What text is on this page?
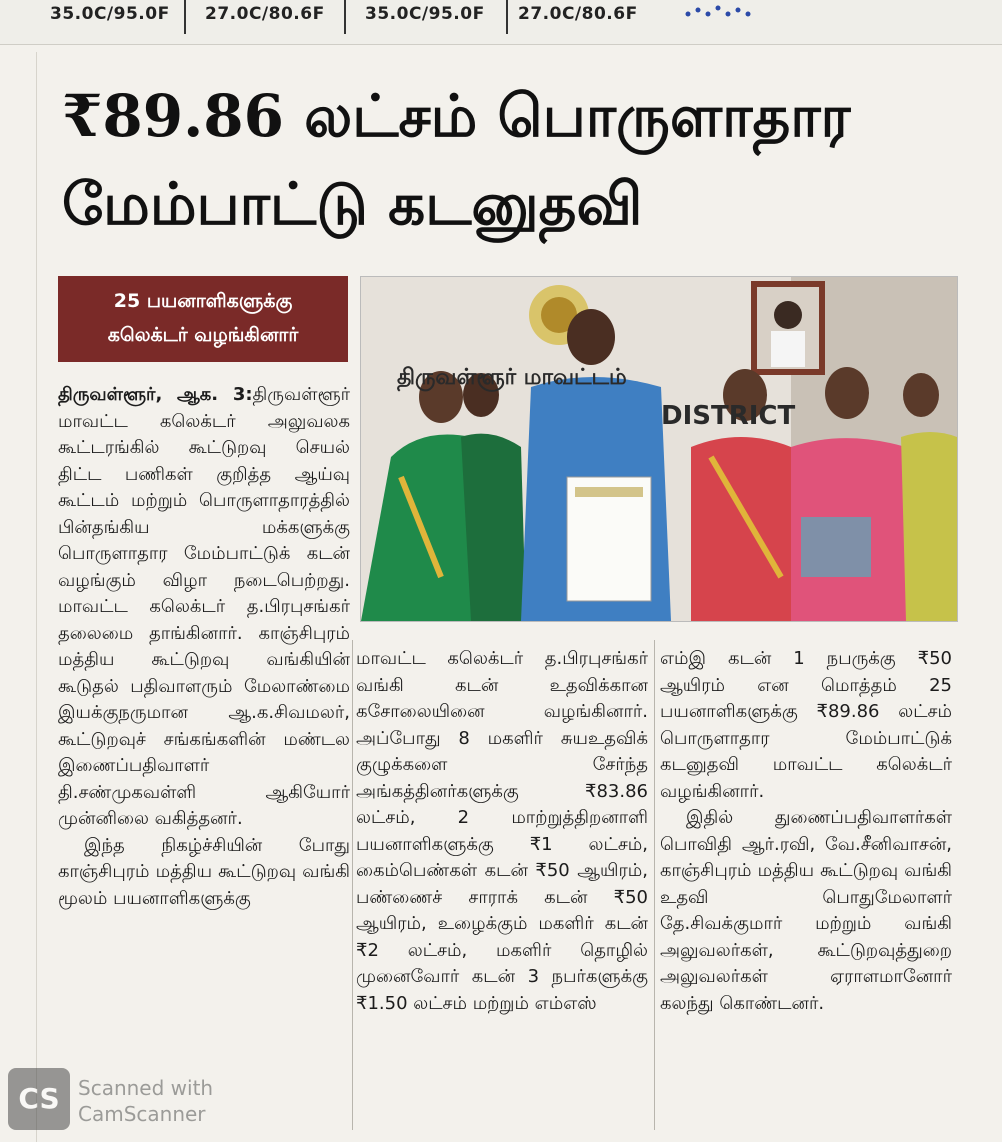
35.0C/95.0F 27.0C/80.6F 35.0C/95.0F 27.0C/80.6F
₹89.86 லட்சம் பொருளாதார
மேம்பாட்டு கடனுதவி
25 பயனாளிகளுக்கு
கலெக்டர் வழங்கினார்
திருவள்ளூர் மாவட்டம்
DISTRICT

திருவள்ளூர், ஆக. 3:திருவள்ளூர் மாவட்ட கலெக்டர் அலுவலக கூட்டரங்கில் கூட்டுறவு செயல் திட்ட பணிகள் குறித்த ஆய்வு கூட்டம் மற்றும் பொருளாதாரத்தில் பின்தங்கிய மக்களுக்கு பொருளாதார மேம்பாட்டுக் கடன் வழங்கும் விழா நடைபெற்றது. மாவட்ட கலெக்டர் த.பிரபுசங்கர் தலைமை தாங்கினார். காஞ்சிபுரம் மத்திய கூட்டுறவு வங்கியின் கூடுதல் பதிவாளரும் மேலாண்மை இயக்குநருமான ஆ.க.சிவமலர், கூட்டுறவுச் சங்கங்களின் மண்டல இணைப்பதிவாளர் தி.சண்முகவள்ளி ஆகியோர் முன்னிலை வகித்தனர்.

இந்த நிகழ்ச்சியின் போது காஞ்சிபுரம் மத்திய கூட்டுறவு வங்கி மூலம் பயனாளிகளுக்கு

மாவட்ட கலெக்டர் த.பிரபுசங்கர் வங்கி கடன் உதவிக்கான கசோலையினை வழங்கினார். அப்போது 8 மகளிர் சுயஉதவிக் குழுக்களை சேர்ந்த அங்கத்தினர்களுக்கு ₹83.86 லட்சம், 2 மாற்றுத்திறனாளி பயனாளிகளுக்கு ₹1 லட்சம், கைம்பெண்கள் கடன் ₹50 ஆயிரம், பண்ணைச் சாராக் கடன் ₹50 ஆயிரம், உழைக்கும் மகளிர் கடன் ₹2 லட்சம், மகளிர் தொழில் முனைவோர் கடன் 3 நபர்களுக்கு ₹1.50 லட்சம் மற்றும் எம்எஸ்

எம்இ கடன் 1 நபருக்கு ₹50 ஆயிரம் என மொத்தம் 25 பயனாளிகளுக்கு ₹89.86 லட்சம் பொருளாதார மேம்பாட்டுக் கடனுதவி மாவட்ட கலெக்டர் வழங்கினார்.

இதில் துணைப்பதிவாளர்கள் பொவிதி ஆர்.ரவி, வே.சீனிவாசன், காஞ்சிபுரம் மத்திய கூட்டுறவு வங்கி உதவி பொதுமேலாளர் தே.சிவக்குமார் மற்றும் வங்கி அலுவலர்கள், கூட்டுறவுத்துறை அலுவலர்கள் ஏராளமானோர் கலந்து கொண்டனர்.

CS Scanned with
CamScanner
